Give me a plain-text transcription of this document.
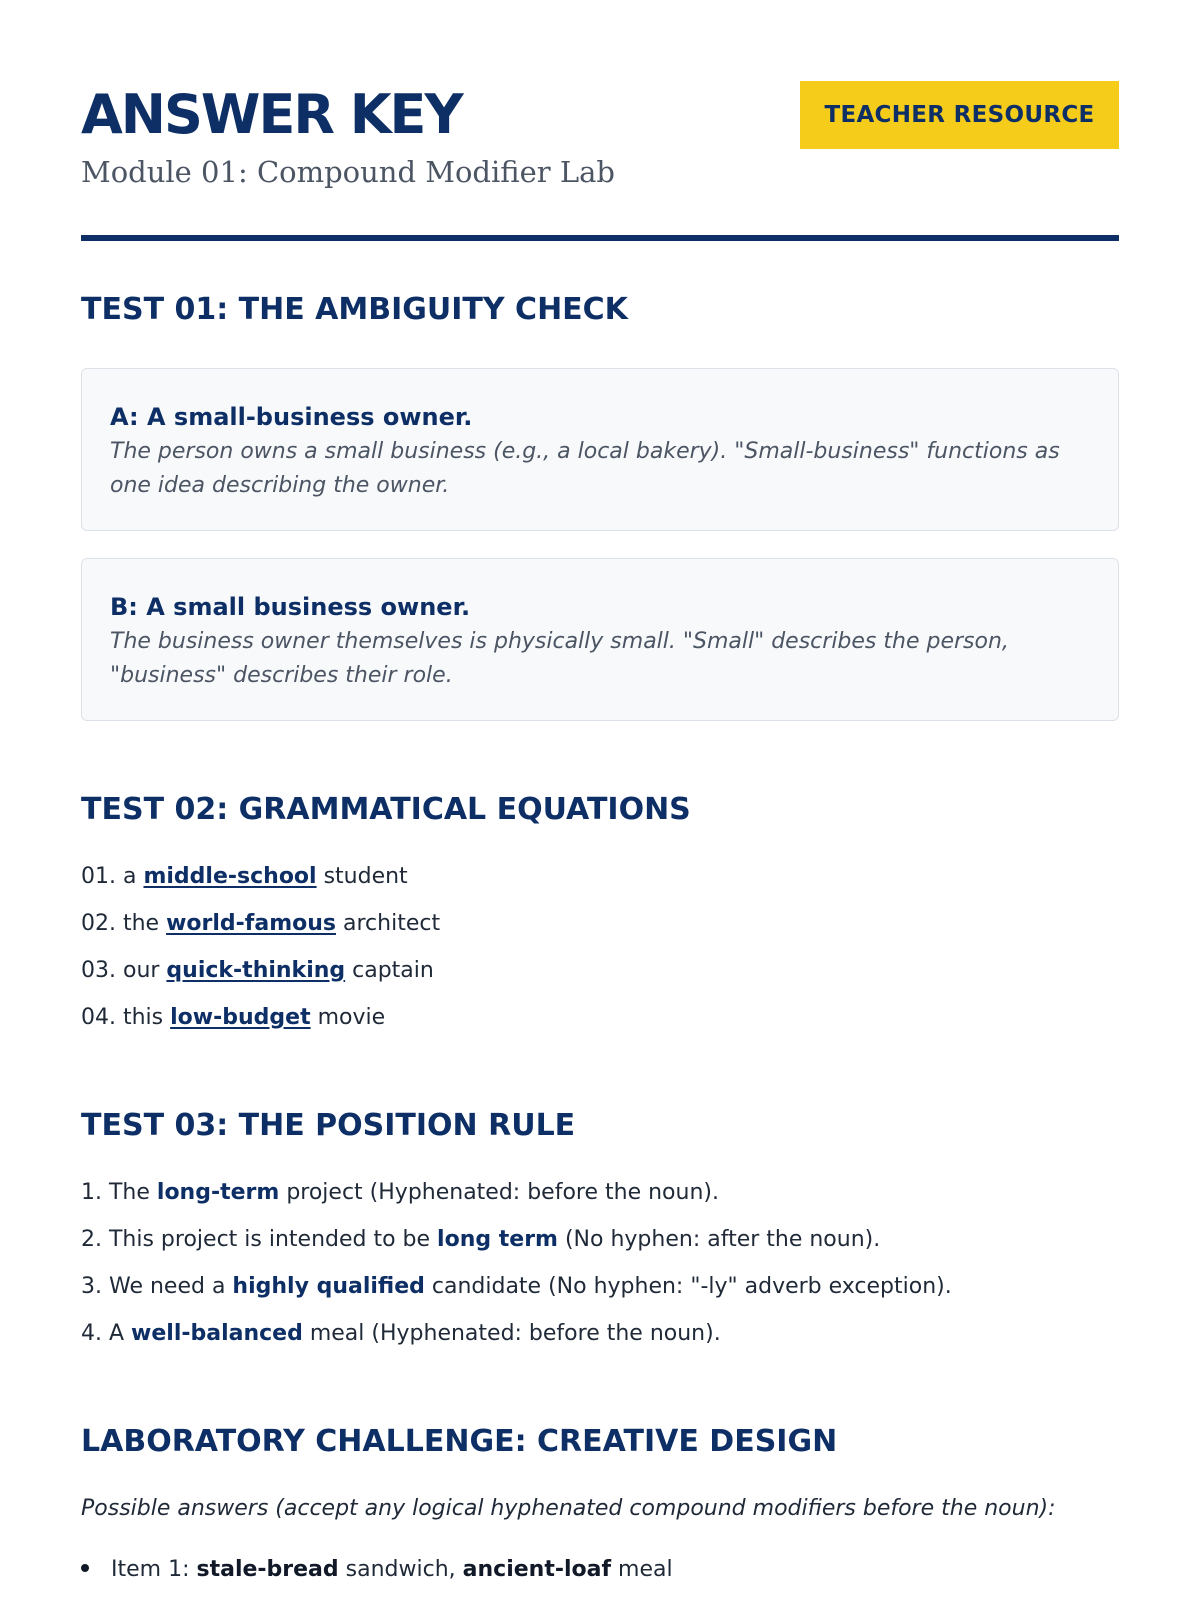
ANSWER KEY
Module 01: Compound Modifier Lab
TEACHER RESOURCE
TEST 01: THE AMBIGUITY CHECK
A: A small-business owner.
The person owns a small business (e.g., a local bakery). "Small-business" functions as one idea describing the owner.
B: A small business owner.
The business owner themselves is physically small. "Small" describes the person, "business" describes their role.
TEST 02: GRAMMATICAL EQUATIONS
01. a middle-school student
02. the world-famous architect
03. our quick-thinking captain
04. this low-budget movie
TEST 03: THE POSITION RULE
1. The long-term project (Hyphenated: before the noun).
2. This project is intended to be long term (No hyphen: after the noun).
3. We need a highly qualified candidate (No hyphen: "-ly" adverb exception).
4. A well-balanced meal (Hyphenated: before the noun).
LABORATORY CHALLENGE: CREATIVE DESIGN
Possible answers (accept any logical hyphenated compound modifiers before the noun):
Item 1: stale-bread sandwich, ancient-loaf meal
